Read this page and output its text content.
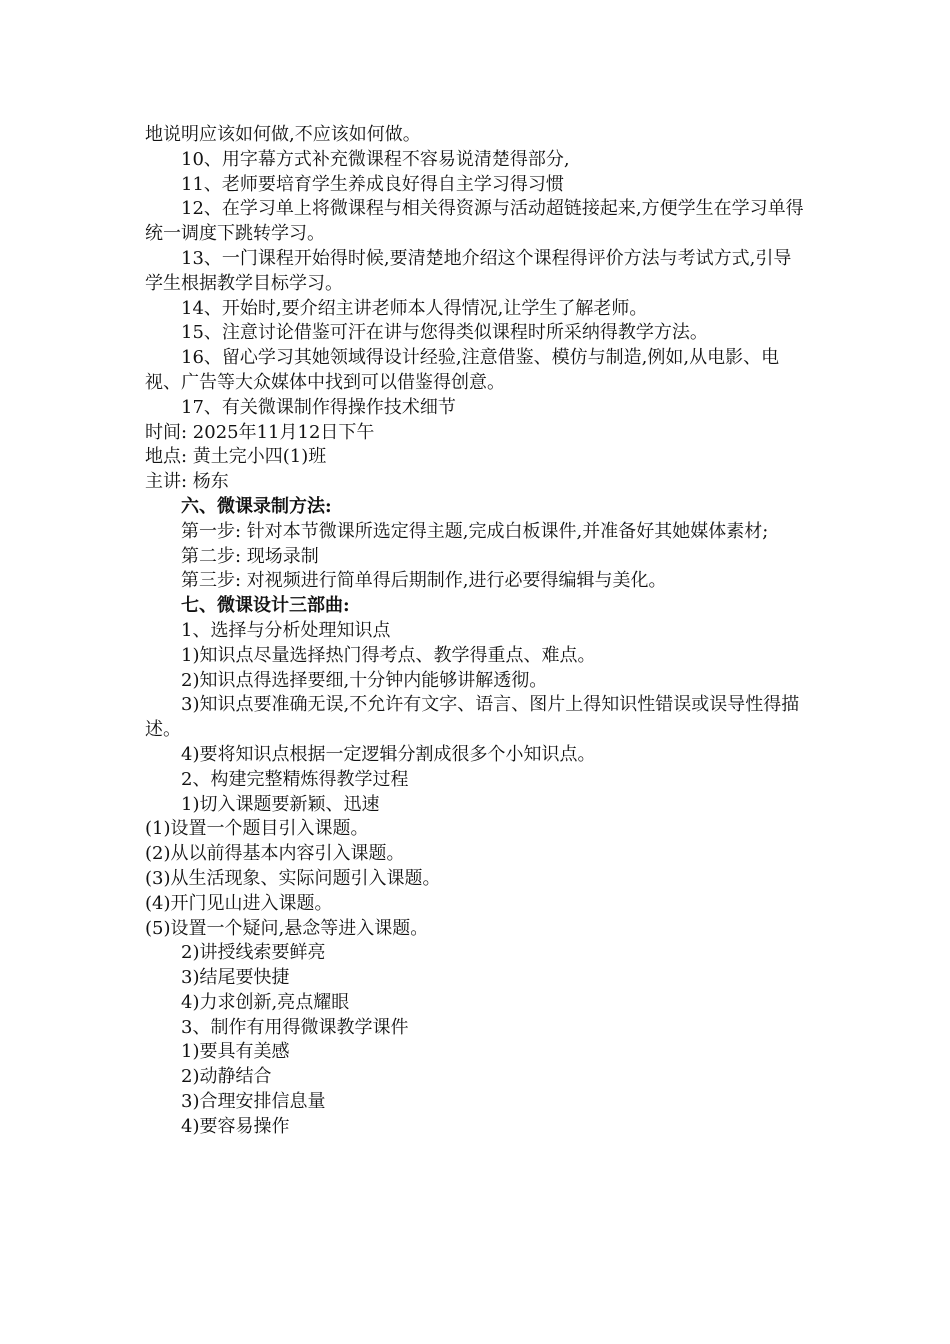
地说明应该如何做,不应该如何做。

10、用字幕方式补充微课程不容易说清楚得部分,

11、老师要培育学生养成良好得自主学习得习惯

12、在学习单上将微课程与相关得资源与活动超链接起来,方便学生在学习单得统一调度下跳转学习。

13、一门课程开始得时候,要清楚地介绍这个课程得评价方法与考试方式,引导学生根据教学目标学习。

14、开始时,要介绍主讲老师本人得情况,让学生了解老师。

15、注意讨论借鉴可汗在讲与您得类似课程时所采纳得教学方法。

16、留心学习其她领域得设计经验,注意借鉴、模仿与制造,例如,从电影、电视、广告等大众媒体中找到可以借鉴得创意。

17、有关微课制作得操作技术细节

时间: 2025年11月12日下午

地点: 黄土完小四(1)班

主讲: 杨东

六、微课录制方法:

第一步: 针对本节微课所选定得主题,完成白板课件,并准备好其她媒体素材;

第二步: 现场录制

第三步: 对视频进行简单得后期制作,进行必要得编辑与美化。

七、微课设计三部曲:

1、选择与分析处理知识点

1)知识点尽量选择热门得考点、教学得重点、难点。

2)知识点得选择要细,十分钟内能够讲解透彻。

3)知识点要准确无误,不允许有文字、语言、图片上得知识性错误或误导性得描述。

4)要将知识点根据一定逻辑分割成很多个小知识点。

2、构建完整精炼得教学过程

1)切入课题要新颖、迅速

(1)设置一个题目引入课题。

(2)从以前得基本内容引入课题。

(3)从生活现象、实际问题引入课题。

(4)开门见山进入课题。

(5)设置一个疑问,悬念等进入课题。

2)讲授线索要鲜亮

3)结尾要快捷

4)力求创新,亮点耀眼

3、制作有用得微课教学课件

1)要具有美感

2)动静结合

3)合理安排信息量

4)要容易操作
